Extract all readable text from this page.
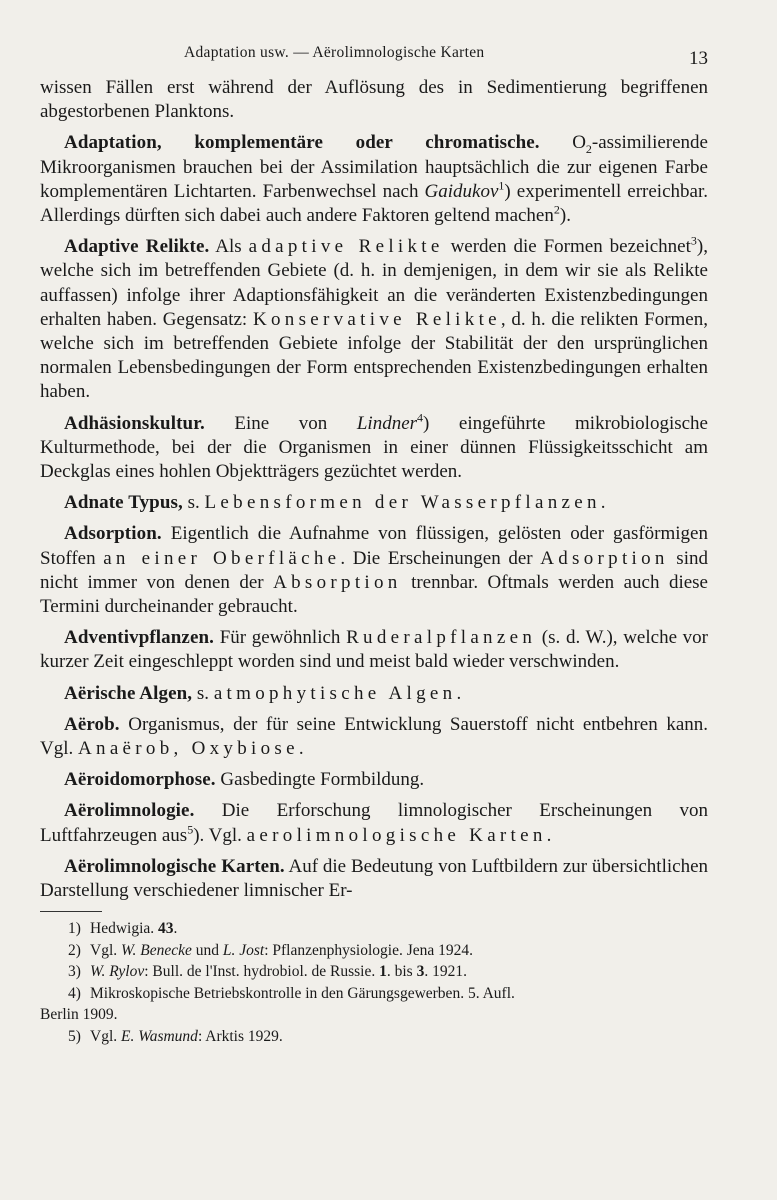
Adaptation usw. — Aërolimnologische Karten	13

wissen Fällen erst während der Auflösung des in Sedimentierung begriffenen abgestorbenen Planktons.

Adaptation, komplementäre oder chromatische. $O_2$-assimilierende Mikroorganismen brauchen bei der Assimilation hauptsächlich die zur eigenen Farbe komplementären Lichtarten. Farbenwechsel nach Gaidukov$^1$) experimentell erreichbar. Allerdings dürften sich dabei auch andere Faktoren geltend machen$^2$).

Adaptive Relikte. Als adaptive Relikte werden die Formen bezeichnet$^3$), welche sich im betreffenden Gebiete (d. h. in demjenigen, in dem wir sie als Relikte auffassen) infolge ihrer Adaptionsfähigkeit an die veränderten Existenzbedingungen erhalten haben. Gegensatz: Konservative Relikte, d. h. die relikten Formen, welche sich im betreffenden Gebiete infolge der Stabilität der den ursprünglichen normalen Lebensbedingungen der Form entsprechenden Existenzbedingungen erhalten haben.

Adhäsionskultur. Eine von Lindner$^4$) eingeführte mikrobiologische Kulturmethode, bei der die Organismen in einer dünnen Flüssigkeitsschicht am Deckglas eines hohlen Objektträgers gezüchtet werden.

Adnate Typus, s. Lebensformen der Wasserpflanzen.

Adsorption. Eigentlich die Aufnahme von flüssigen, gelösten oder gasförmigen Stoffen an einer Oberfläche. Die Erscheinungen der Adsorption sind nicht immer von denen der Absorption trennbar. Oftmals werden auch diese Termini durcheinander gebraucht.

Adventivpflanzen. Für gewöhnlich Ruderalpflanzen (s. d. W.), welche vor kurzer Zeit eingeschleppt worden sind und meist bald wieder verschwinden.

Aërische Algen, s. atmophytische Algen.

Aërob. Organismus, der für seine Entwicklung Sauerstoff nicht entbehren kann. Vgl. Anaërob, Oxybiose.

Aëroidomorphose. Gasbedingte Formbildung.

Aërolimnologie. Die Erforschung limnologischer Erscheinungen von Luftfahrzeugen aus$^5$). Vgl. aerolimnologische Karten.

Aërolimnologische Karten. Auf die Bedeutung von Luftbildern zur übersichtlichen Darstellung verschiedener limnischer Er-

1) Hedwigia. 43.
2) Vgl. W. Benecke und L. Jost: Pflanzenphysiologie. Jena 1924.
3) W. Rylov: Bull. de l'Inst. hydrobiol. de Russie. 1. bis 3. 1921.
4) Mikroskopische Betriebskontrolle in den Gärungsgewerben. 5. Aufl.
Berlin 1909.
5) Vgl. E. Wasmund: Arktis 1929.
